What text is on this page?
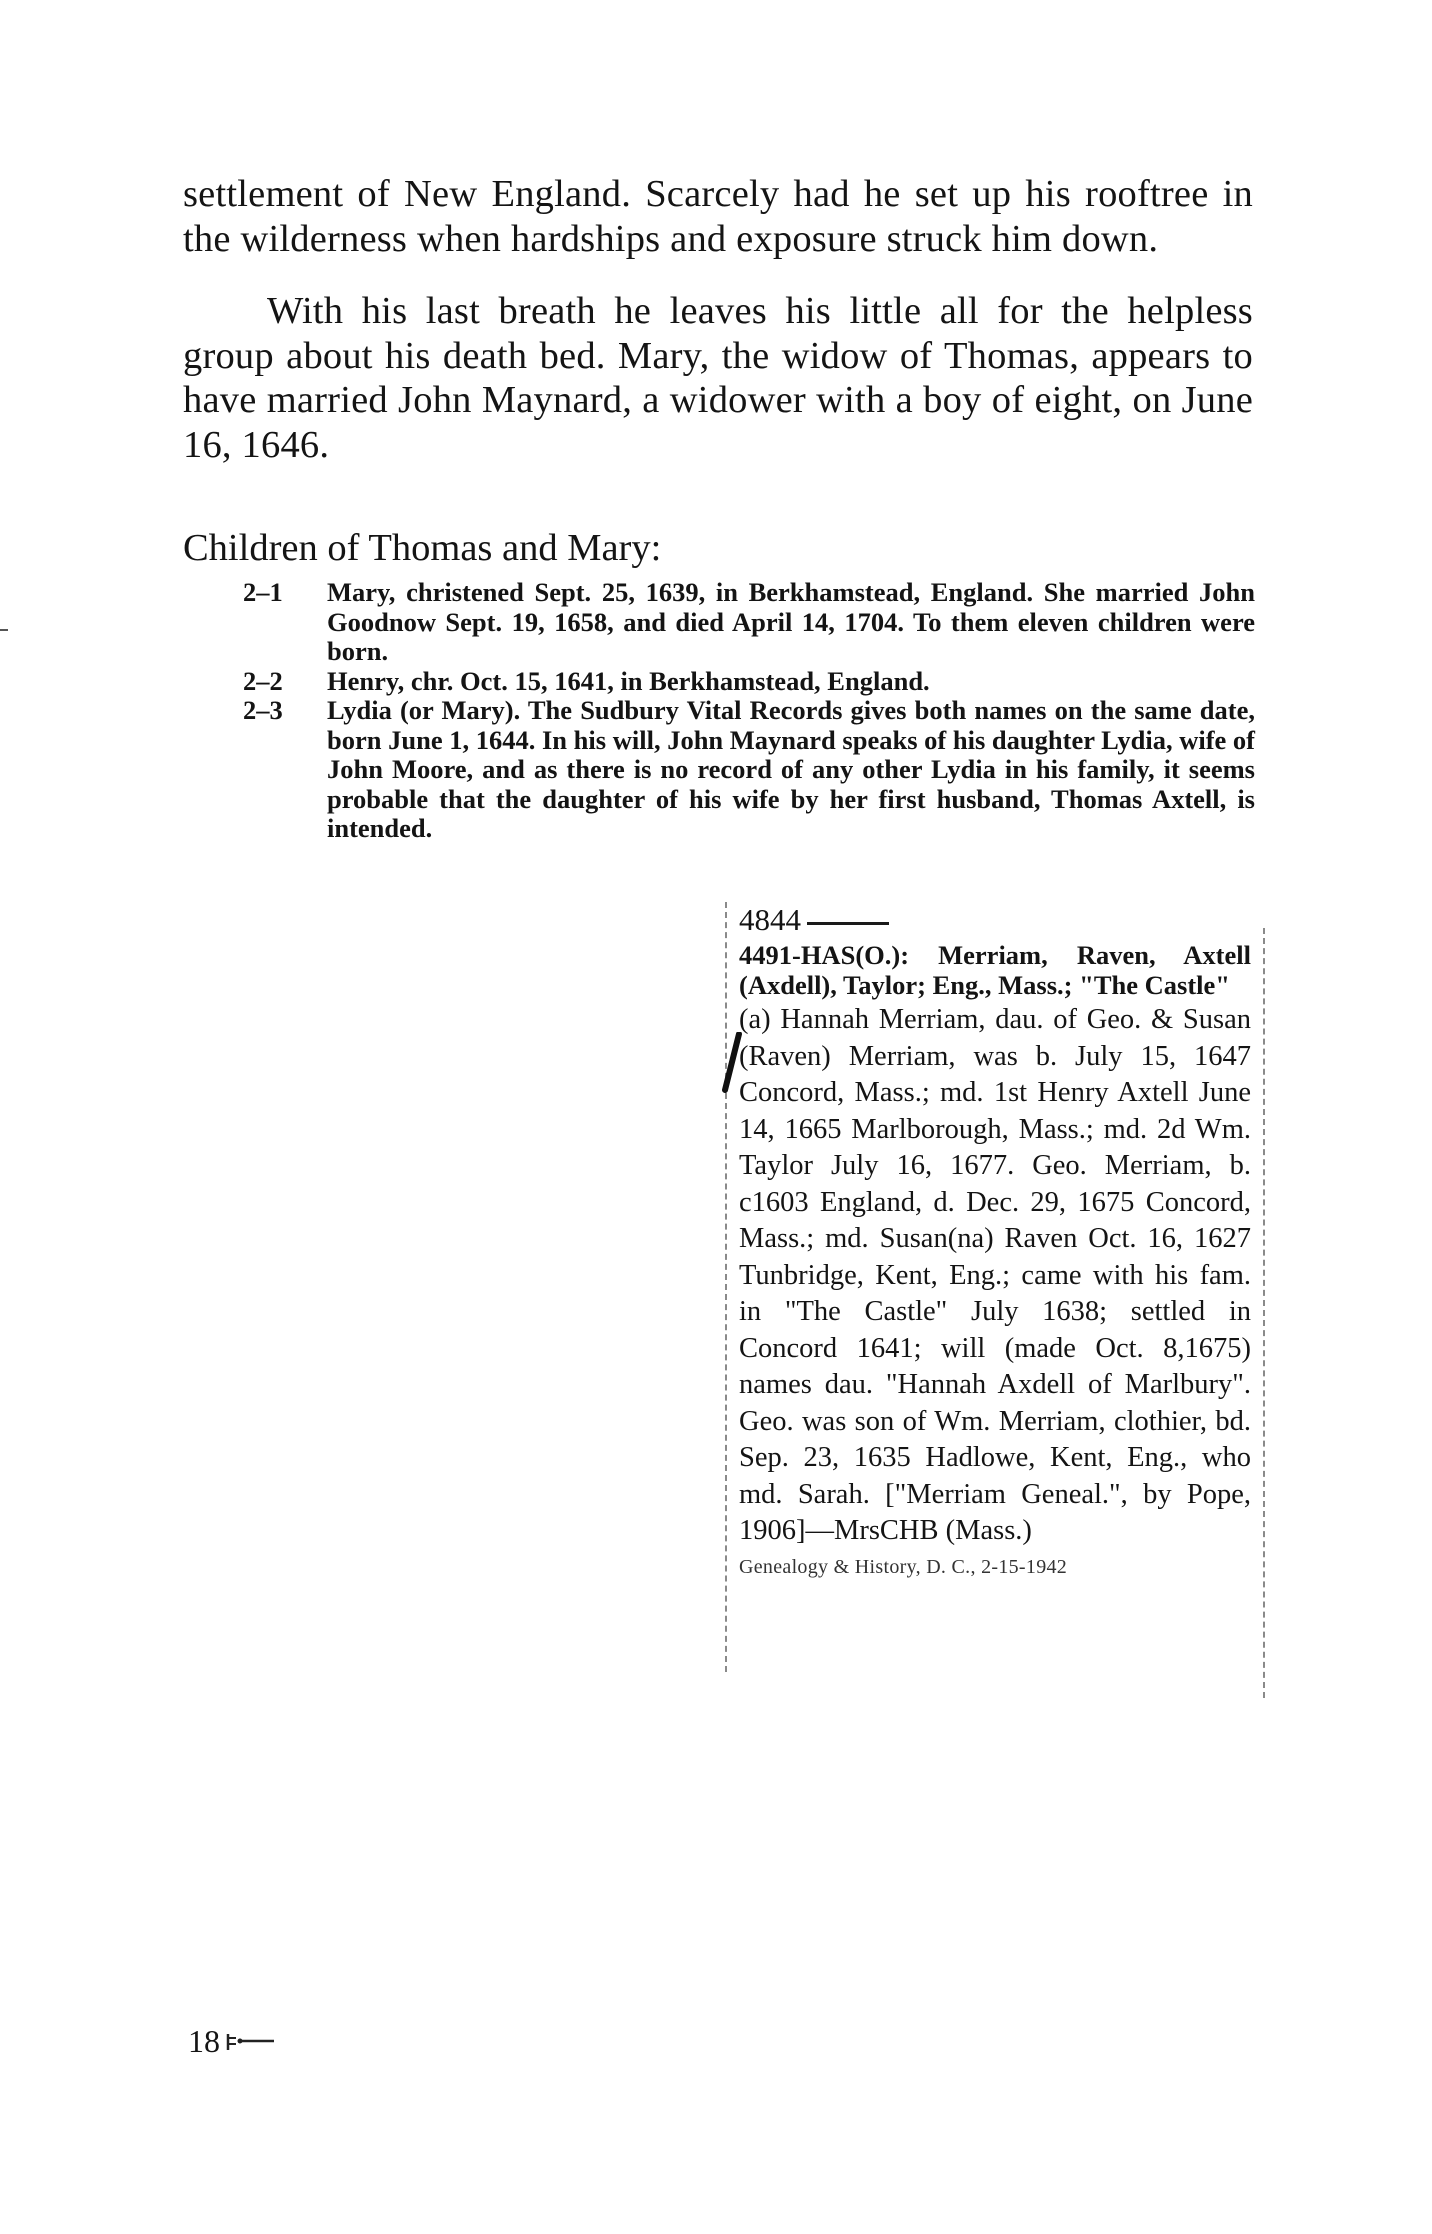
settlement of New England. Scarcely had he set up his rooftree in the wilderness when hardships and exposure struck him down.

With his last breath he leaves his little all for the helpless group about his death bed. Mary, the widow of Thomas, appears to have married John Maynard, a widower with a boy of eight, on June 16, 1646.

Children of Thomas and Mary:
2–1	Mary, christened Sept. 25, 1639, in Berkhamstead, England. She married John Goodnow Sept. 19, 1658, and died April 14, 1704. To them eleven children were born.
2–2	Henry, chr. Oct. 15, 1641, in Berkhamstead, England.
2–3	Lydia (or Mary). The Sudbury Vital Records gives both names on the same date, born June 1, 1644. In his will, John Maynard speaks of his daughter Lydia, wife of John Moore, and as there is no record of any other Lydia in his family, it seems probable that the daughter of his wife by her first husband, Thomas Axtell, is intended.
4844
4491-HAS(O.): Merriam, Raven, Axtell (Axdell), Taylor; Eng., Mass.; "The Castle"
(a) Hannah Merriam, dau. of Geo. & Susan (Raven) Merriam, was b. July 15, 1647 Concord, Mass.; md. 1st Henry Axtell June 14, 1665 Marlborough, Mass.; md. 2d Wm. Taylor July 16, 1677. Geo. Merriam, b. c1603 England, d. Dec. 29, 1675 Concord, Mass.; md. Susan(na) Raven Oct. 16, 1627 Tunbridge, Kent, Eng.; came with his fam. in "The Castle" July 1638; settled in Concord 1641; will (made Oct. 8,1675) names dau. "Hannah Axdell of Marlbury". Geo. was son of Wm. Merriam, clothier, bd. Sep. 23, 1635 Hadlowe, Kent, Eng., who md. Sarah. ["Merriam Geneal.", by Pope, 1906]—MrsCHB (Mass.)
Genealogy & History, D. C., 2-15-1942
18
